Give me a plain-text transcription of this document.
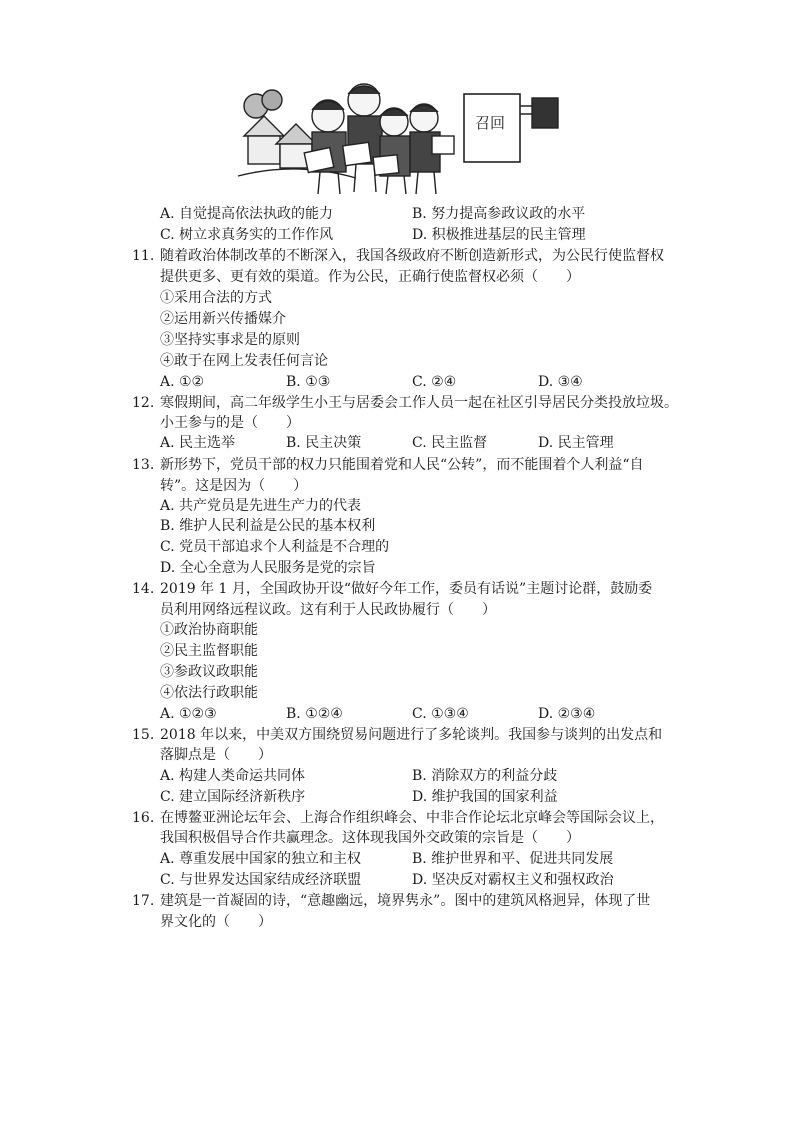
召回
A. 自觉提高依法执政的能力	B. 努力提高参政议政的水平
C. 树立求真务实的工作作风	D. 积极推进基层的民主管理
11. 随着政治体制改革的不断深入，我国各级政府不断创造新形式，为公民行使监督权
提供更多、更有效的渠道。作为公民，正确行使监督权必须（　　）
①采用合法的方式
②运用新兴传播媒介
③坚持实事求是的原则
④敢于在网上发表任何言论
A. ①②	B. ①③	C. ②④	D. ③④
12. 寒假期间，高二年级学生小王与居委会工作人员一起在社区引导居民分类投放垃圾。
小王参与的是（　　）
A. 民主选举	B. 民主决策	C. 民主监督	D. 民主管理
13. 新形势下，党员干部的权力只能围着党和人民“公转”，而不能围着个人利益“自
转”。这是因为（　　）
A. 共产党员是先进生产力的代表
B. 维护人民利益是公民的基本权利
C. 党员干部追求个人利益是不合理的
D. 全心全意为人民服务是党的宗旨
14. 2019 年 1 月，全国政协开设“做好今年工作，委员有话说”主题讨论群，鼓励委
员利用网络远程议政。这有利于人民政协履行（　　）
①政治协商职能
②民主监督职能
③参政议政职能
④依法行政职能
A. ①②③	B. ①②④	C. ①③④	D. ②③④
15. 2018 年以来，中美双方围绕贸易问题进行了多轮谈判。我国参与谈判的出发点和
落脚点是（　　）
A. 构建人类命运共同体	B. 消除双方的利益分歧
C. 建立国际经济新秩序	D. 维护我国的国家利益
16. 在博鳌亚洲论坛年会、上海合作组织峰会、中非合作论坛北京峰会等国际会议上，
我国积极倡导合作共赢理念。这体现我国外交政策的宗旨是（　　）
A. 尊重发展中国家的独立和主权	B. 维护世界和平、促进共同发展
C. 与世界发达国家结成经济联盟	D. 坚决反对霸权主义和强权政治
17. 建筑是一首凝固的诗，“意趣幽远，境界隽永”。图中的建筑风格迥异，体现了世
界文化的（　　）
